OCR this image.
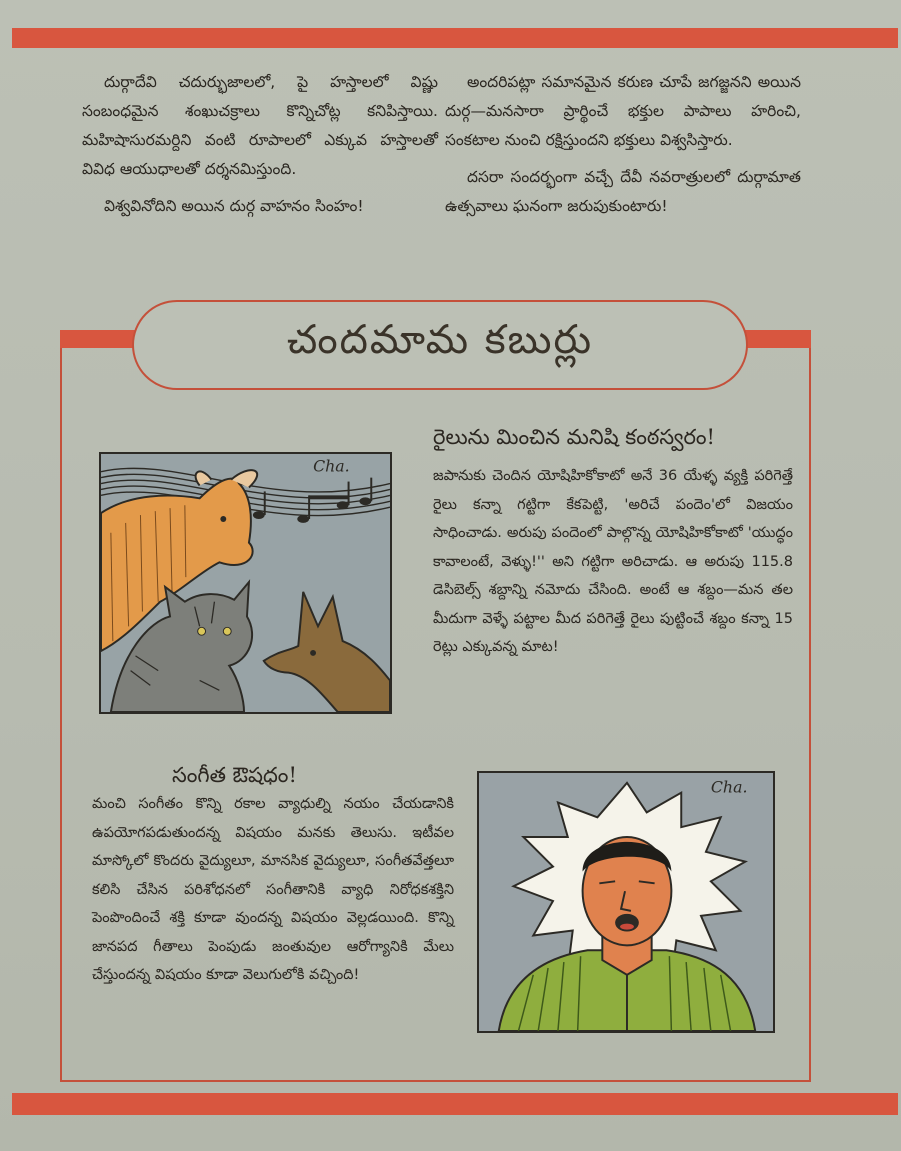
దుర్గాదేవి చదుర్భుజాలలో, పై హస్తాలలో విష్ణు సంబంధమైన శంఖుచక్రాలు కొన్నిచోట్ల కనిపిస్తాయి. మహిషాసురమర్దిని వంటి రూపాలలో ఎక్కువ హస్తాలతో వివిధ ఆయుధాలతో దర్శనమిస్తుంది.

విశ్వవినోదిని అయిన దుర్గ వాహనం సింహం!

అందరిపట్లా సమానమైన కరుణ చూపే జగజ్జనని అయిన దుర్గ—మనసారా ప్రార్థించే భక్తుల పాపాలు హరించి, సంకటాల నుంచి రక్షిస్తుందని భక్తులు విశ్వసిస్తారు.

దసరా సందర్భంగా వచ్చే దేవీ నవరాత్రులలో దుర్గామాత ఉత్సవాలు ఘనంగా జరుపుకుంటారు!

చందమామ కబుర్లు
Cha.
రైలును మించిన మనిషి కంఠస్వరం!
జపానుకు చెందిన యోషిహికోకాటో అనే 36 యేళ్ళ వ్యక్తి పరిగెత్తే రైలు కన్నా గట్టిగా కేకపెట్టి, 'అరిచే పందెం'లో విజయం సాధించాడు. అరుపు పందెంలో పాల్గొన్న యోషిహికోకాటో 'యుద్ధం కావాలంటే, వెళ్ళు!'' అని గట్టిగా అరిచాడు. ఆ అరుపు 115.8 డెసిబెల్స్ శబ్దాన్ని నమోదు చేసింది. అంటే ఆ శబ్దం—మన తల మీదుగా వెళ్ళే పట్టాల మీద పరిగెత్తే రైలు పుట్టించే శబ్దం కన్నా 15 రెట్లు ఎక్కువన్న మాట!
సంగీత ఔషధం!
మంచి సంగీతం కొన్ని రకాల వ్యాధుల్ని నయం చేయడానికి ఉపయోగపడుతుందన్న విషయం మనకు తెలుసు. ఇటీవల మాస్కోలో కొందరు వైద్యులూ, మానసిక వైద్యులూ, సంగీతవేత్తలూ కలిసి చేసిన పరిశోధనలో సంగీతానికి వ్యాధి నిరోధకశక్తిని పెంపొందించే శక్తి కూడా వుందన్న విషయం వెల్లడయింది. కొన్ని జానపద గీతాలు పెంపుడు జంతువుల ఆరోగ్యానికి మేలు చేస్తుందన్న విషయం కూడా వెలుగులోకి వచ్చింది!
Cha.
